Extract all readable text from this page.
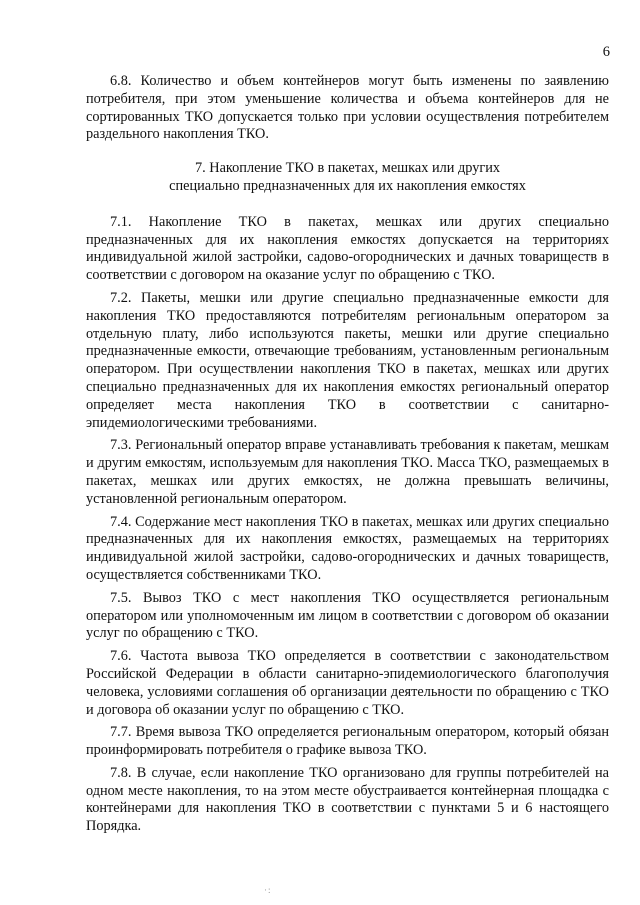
6

6.8. Количество и объем контейнеров могут быть изменены по заявлению потребителя, при этом уменьшение количества и объема контейнеров для не сортированных ТКО допускается только при условии осуществления потребителем раздельного накопления ТКО.

7. Накопление ТКО в пакетах, мешках или других
специально предназначенных для их накопления емкостях

7.1. Накопление ТКО в пакетах, мешках или других специально предназначенных для их накопления емкостях допускается на территориях индивидуальной жилой застройки, садово-огороднических и дачных товариществ в соответствии с договором на оказание услуг по обращению с ТКО.

7.2. Пакеты, мешки или другие специально предназначенные емкости для накопления ТКО предоставляются потребителям региональным оператором за отдельную плату, либо используются пакеты, мешки или другие специально предназначенные емкости, отвечающие требованиям, установленным региональным оператором. При осуществлении накопления ТКО в пакетах, мешках или других специально предназначенных для их накопления емкостях региональный оператор определяет места накопления ТКО в соответствии с санитарно-эпидемиологическими требованиями.

7.3. Региональный оператор вправе устанавливать требования к пакетам, мешкам и другим емкостям, используемым для накопления ТКО. Масса ТКО, размещаемых в пакетах, мешках или других емкостях, не должна превышать величины, установленной региональным оператором.

7.4. Содержание мест накопления ТКО в пакетах, мешках или других специально предназначенных для их накопления емкостях, размещаемых на территориях индивидуальной жилой застройки, садово-огороднических и дачных товариществ, осуществляется собственниками ТКО.

7.5. Вывоз ТКО с мест накопления ТКО осуществляется региональным оператором или уполномоченным им лицом в соответствии с договором об оказании услуг по обращению с ТКО.

7.6. Частота вывоза ТКО определяется в соответствии с законодательством Российской Федерации в области санитарно-эпидемиологического благополучия человека, условиями соглашения об организации деятельности по обращению с ТКО и договора об оказании услуг по обращению с ТКО.

7.7. Время вывоза ТКО определяется региональным оператором, который обязан проинформировать потребителя о графике вывоза ТКО.

7.8. В случае, если накопление ТКО организовано для группы потребителей на одном месте накопления, то на этом месте обустраивается контейнерная площадка с контейнерами для накопления ТКО в соответствии с пунктами 5 и 6 настоящего Порядка.

·:
